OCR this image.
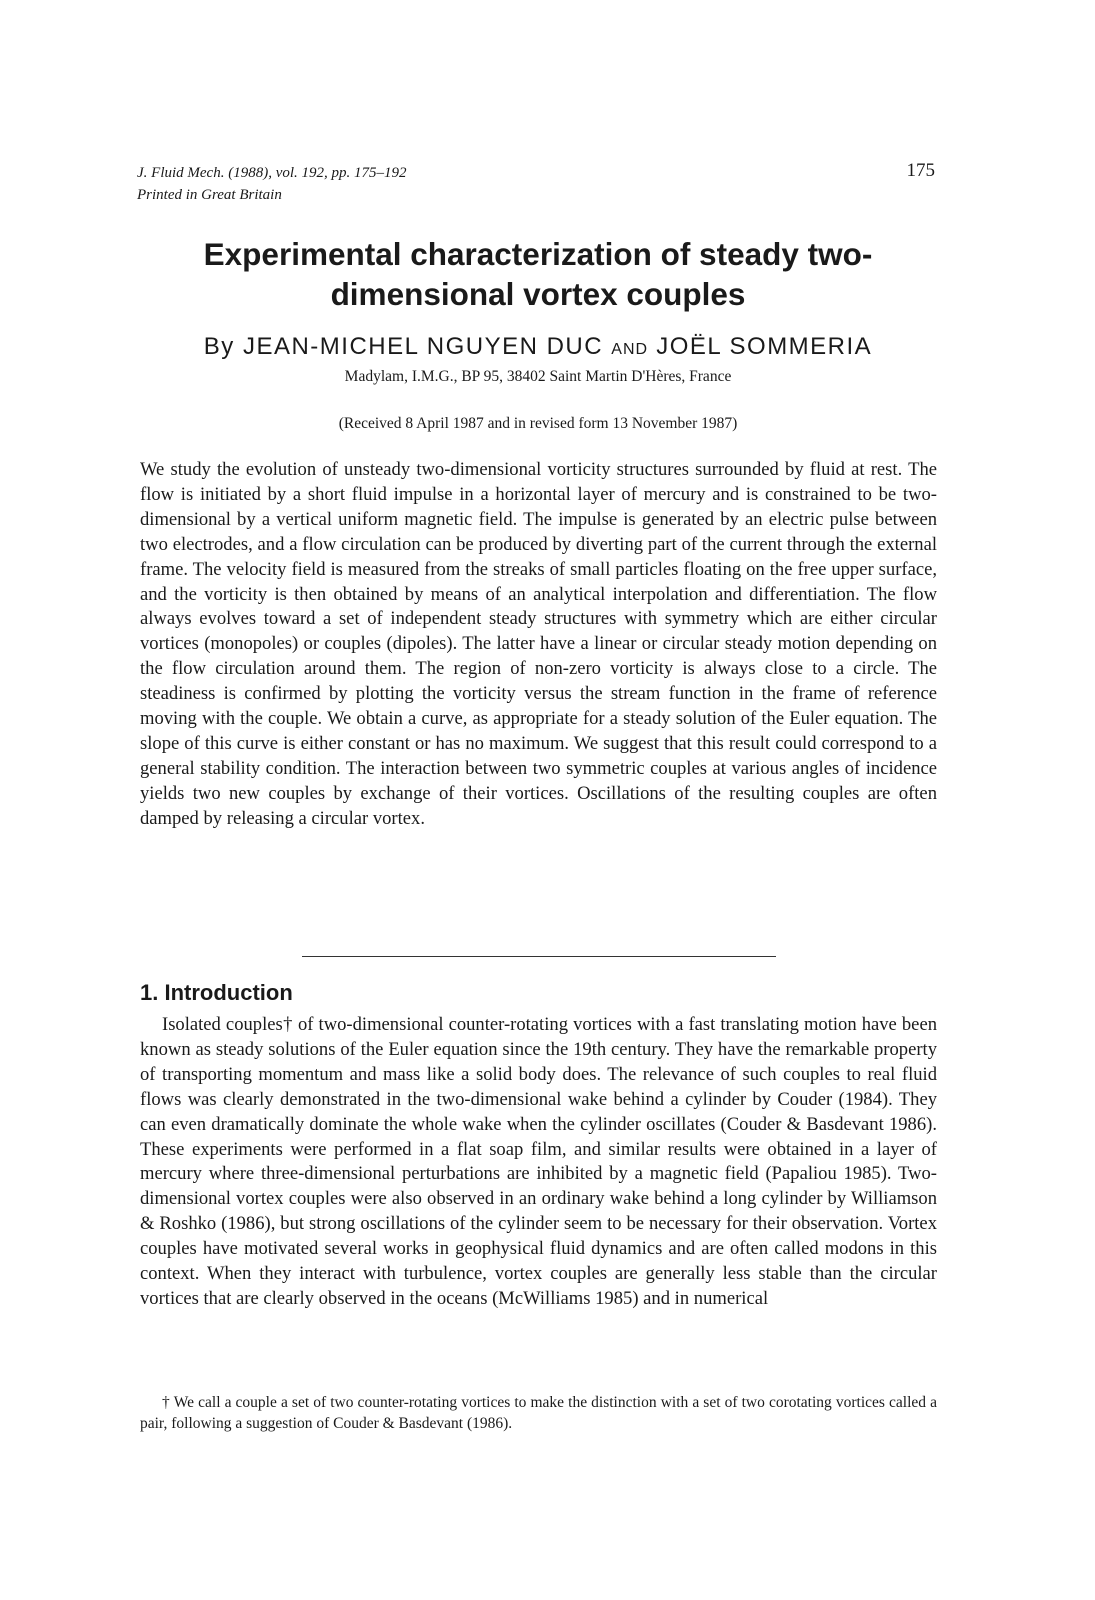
J. Fluid Mech. (1988), vol. 192, pp. 175–192
Printed in Great Britain
175
Experimental characterization of steady two-dimensional vortex couples
By JEAN-MICHEL NGUYEN DUC AND JOËL SOMMERIA
Madylam, I.M.G., BP 95, 38402 Saint Martin D'Hères, France
(Received 8 April 1987 and in revised form 13 November 1987)

We study the evolution of unsteady two-dimensional vorticity structures surrounded by fluid at rest. The flow is initiated by a short fluid impulse in a horizontal layer of mercury and is constrained to be two-dimensional by a vertical uniform magnetic field. The impulse is generated by an electric pulse between two electrodes, and a flow circulation can be produced by diverting part of the current through the external frame. The velocity field is measured from the streaks of small particles floating on the free upper surface, and the vorticity is then obtained by means of an analytical interpolation and differentiation. The flow always evolves toward a set of independent steady structures with symmetry which are either circular vortices (monopoles) or couples (dipoles). The latter have a linear or circular steady motion depending on the flow circulation around them. The region of non-zero vorticity is always close to a circle. The steadiness is confirmed by plotting the vorticity versus the stream function in the frame of reference moving with the couple. We obtain a curve, as appropriate for a steady solution of the Euler equation. The slope of this curve is either constant or has no maximum. We suggest that this result could correspond to a general stability condition. The interaction between two symmetric couples at various angles of incidence yields two new couples by exchange of their vortices. Oscillations of the resulting couples are often damped by releasing a circular vortex.

1. Introduction

Isolated couples† of two-dimensional counter-rotating vortices with a fast translating motion have been known as steady solutions of the Euler equation since the 19th century. They have the remarkable property of transporting momentum and mass like a solid body does. The relevance of such couples to real fluid flows was clearly demonstrated in the two-dimensional wake behind a cylinder by Couder (1984). They can even dramatically dominate the whole wake when the cylinder oscillates (Couder & Basdevant 1986). These experiments were performed in a flat soap film, and similar results were obtained in a layer of mercury where three-dimensional perturbations are inhibited by a magnetic field (Papaliou 1985). Two-dimensional vortex couples were also observed in an ordinary wake behind a long cylinder by Williamson & Roshko (1986), but strong oscillations of the cylinder seem to be necessary for their observation. Vortex couples have motivated several works in geophysical fluid dynamics and are often called modons in this context. When they interact with turbulence, vortex couples are generally less stable than the circular vortices that are clearly observed in the oceans (McWilliams 1985) and in numerical

† We call a couple a set of two counter-rotating vortices to make the distinction with a set of two corotating vortices called a pair, following a suggestion of Couder & Basdevant (1986).
